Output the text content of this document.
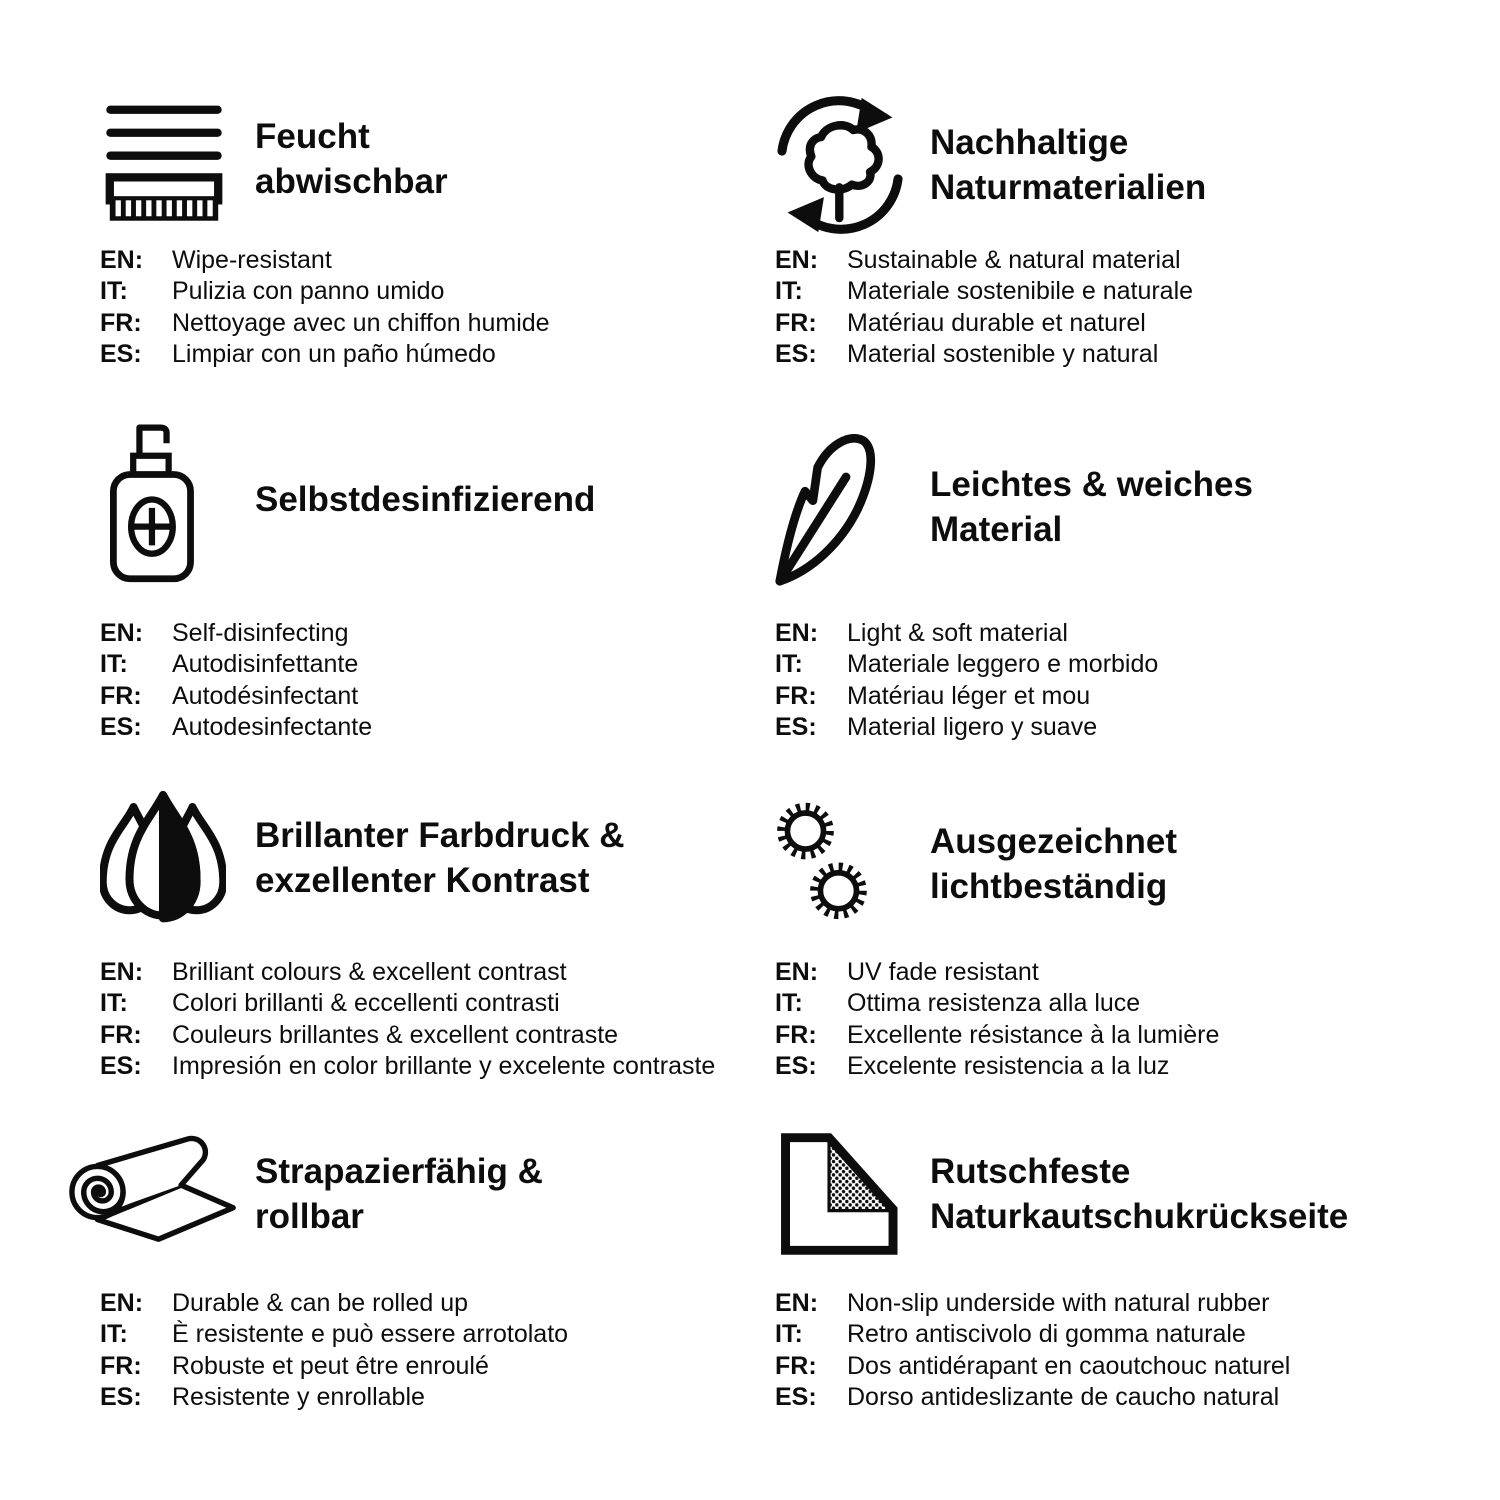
Feucht
abwischbar
EN:	Wipe-resistant
IT:	Pulizia con panno umido
FR:	Nettoyage avec un chiffon humide
ES:	Limpiar con un paño húmedo
Nachhaltige
Naturmaterialien
EN:	Sustainable & natural material
IT:	Materiale sostenibile e naturale
FR:	Matériau durable et naturel
ES:	Material sostenible y natural
Selbstdesinfizierend
EN:	Self-disinfecting
IT:	Autodisinfettante
FR:	Autodésinfectant
ES:	Autodesinfectante
Leichtes & weiches
Material
EN:	Light & soft material
IT:	Materiale leggero e morbido
FR:	Matériau léger et mou
ES:	Material ligero y suave
Brillanter Farbdruck &
exzellenter Kontrast
EN:	Brilliant colours & excellent contrast
IT:	Colori brillanti & eccellenti contrasti
FR:	Couleurs brillantes & excellent contraste
ES:	Impresión en color brillante y excelente contraste
Ausgezeichnet
lichtbeständig
EN:	UV fade resistant
IT:	Ottima resistenza alla luce
FR:	Excellente résistance à la lumière
ES:	Excelente resistencia a la luz
Strapazierfähig &
rollbar
EN:	Durable & can be rolled up
IT:	È resistente e può essere arrotolato
FR:	Robuste et peut être enroulé
ES:	Resistente y enrollable
Rutschfeste
Naturkautschukrückseite
EN:	Non-slip underside with natural rubber
IT:	Retro antiscivolo di gomma naturale
FR:	Dos antidérapant en caoutchouc naturel
ES:	Dorso antideslizante de caucho natural
